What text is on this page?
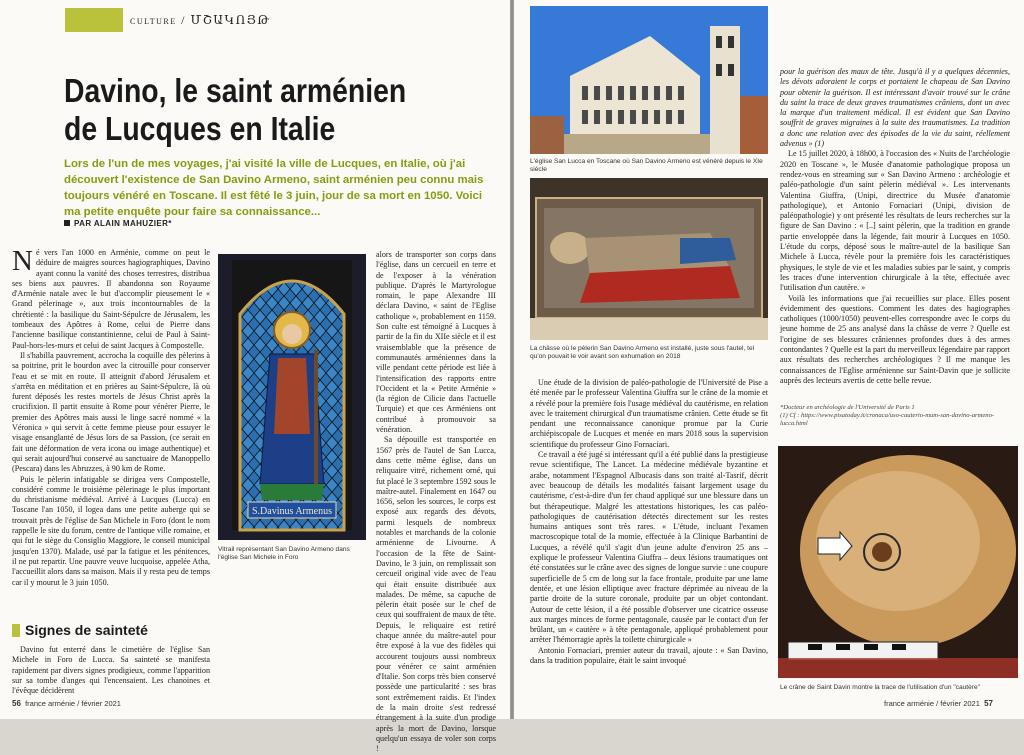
culture / ՄՇԱԿՈՅԹ
Davino, le saint arménien
de Lucques en Italie
Lors de l'un de mes voyages, j'ai visité la ville de Lucques, en Italie, où j'ai découvert l'existence de San Davino Armeno, saint arménien peu connu mais toujours vénéré en Toscane. Il est fêté le 3 juin, jour de sa mort en 1050. Voici ma petite enquête pour faire sa connaissance...
PAR ALAIN MAHUZIER*

Né vers l'an 1000 en Arménie, comme on peut le déduire de maigres sources hagiographiques, Davino ayant connu la vanité des choses terrestres, distribua ses biens aux pauvres. Il abandonna son Royaume d'Arménie natale avec le but d'accomplir pieusement le « Grand pèlerinage », aux trois incontournables de la chrétienté : la basilique du Saint-Sépulcre de Jérusalem, les tombeaux des Apôtres à Rome, celui de Pierre dans l'ancienne basilique constantinienne, celui de Paul à Saint-Paul-hors-les-murs et celui de saint Jacques à Compostelle.

Il s'habilla pauvrement, accrocha la coquille des pèlerins à sa poitrine, prit le bourdon avec la citrouille pour conserver l'eau et se mit en route. Il atteignit d'abord Jérusalem et s'arrêta en méditation et en prières au Saint-Sépulcre, là où furent déposés les restes mortels de Jésus Christ après la crucifixion. Il partit ensuite à Rome pour vénérer Pierre, le premier des Apôtres mais aussi le linge sacré nommé « la Véronica » qui servit à cette femme pieuse pour essuyer le visage ensanglanté de Jésus lors de sa Passion, (ce serait en fait une déformation de vera icona ou image authentique) et qui serait aujourd'hui conservé au sanctuaire de Manoppello (Pescara) dans les Abruzzes, à 90 km de Rome.

Puis le pèlerin infatigable se dirigea vers Compostelle, considéré comme le troisième pèlerinage le plus important du christianisme médiéval. Arrivé à Lucques (Lucca) en Toscane l'an 1050, il logea dans une petite auberge qui se trouvait près de l'église de San Michele in Foro (dont le nom rappelle le site du forum, centre de l'antique ville romaine, et qui fut le siège du Consiglio Maggiore, le conseil municipal jusqu'en 1370). Malade, usé par la fatigue et les pénitences, il ne put repartir. Une pauvre veuve lucquoise, appelée Atha, l'accueillit alors dans sa maison. Mais il y resta peu de temps car il y mourut le 3 juin 1050.

Signes de sainteté

Davino fut enterré dans le cimetière de l'église San Michele in Foro de Lucca. Sa sainteté se manifesta rapidement par divers signes prodigieux, comme l'apparition sur sa tombe d'anges qui l'encensaient. Les chanoines et l'évêque décidèrent

S.Davinus Armenus
Vitrail représentant San Davino Armeno dans l'église San Michele in Foro

alors de transporter son corps dans l'église, dans un cercueil en terre et de l'exposer à la vénération publique. D'après le Martyrologue romain, le pape Alexandre III déclara Davino, « saint de l'Eglise catholique », probablement en 1159. Son culte est témoigné à Lucques à partir de la fin du XIIe siècle et il est vraisemblable que la présence de communautés arméniennes dans la ville pendant cette période est liée à l'intensification des rapports entre l'Occident et la « Petite Arménie » (la région de Cilicie dans l'actuelle Turquie) et que ces Arméniens ont contribué à promouvoir sa vénération.

Sa dépouille est transportée en 1567 près de l'autel de San Lucca, dans cette même église, dans un reliquaire vitré, richement orné, qui fut placé le 3 septembre 1592 sous le maître-autel. Finalement en 1647 ou 1656, selon les sources, le corps est exposé aux regards des dévots, parmi lesquels de nombreux notables et marchands de la colonie arménienne de Livourne. A l'occasion de la fête de Saint-Davino, le 3 juin, on remplissait son cercueil original vide avec de l'eau qui était ensuite distribuée aux malades. De même, sa capuche de pèlerin était posée sur le chef de ceux qui souffraient de maux de tête. Depuis, le reliquaire est retiré chaque année du maître-autel pour être exposé à la vue des fidèles qui accourent toujours aussi nombreux pour vénérer ce saint arménien d'Italie. Son corps très bien conservé possède une particularité : ses bras sont extrêmement raidis. Et l'index de la main droite s'est redressé étrangement à la suite d'un prodige après la mort de Davino, lorsque quelqu'un essaya de voler son corps !

56 france arménie / février 2021
L'église San Lucca en Toscane où San Davino Armeno est vénéré depuis le XIe siècle
La châsse où le pèlerin San Davino Armeno est installé, juste sous l'autel, tel qu'on pouvait le voir avant son exhumation en 2018

pour la guérison des maux de tête. Jusqu'à il y a quelques décennies, les dévots adoraient le corps et portaient le chapeau de San Davino pour obtenir la guérison. Il est intéressant d'avoir trouvé sur le crâne du saint la trace de deux graves traumatismes crâniens, dont un avec la marque d'un traitement médical. Il est évident que San Davino souffrit de graves migraines à la suite des traumatismes. La tradition a donc une relation avec des épisodes de la vie du saint, réellement advenus » (1)

Le 15 juillet 2020, à 18h00, à l'occasion des « Nuits de l'archéologie 2020 en Toscane », le Musée d'anatomie pathologique proposa un rendez-vous en streaming sur « San Davino Armeno : archéologie et paléo-pathologie d'un saint pèlerin médiéval ». Les intervenants Valentina Giuffra, (Unipi, directrice du Musée d'anatomie pathologique), et Antonio Fornaciari (Unipi, division de paléopathologie) y ont présenté les résultats de leurs recherches sur la figure de San Davino : « [..] saint pèlerin, que la tradition en grande partie enveloppée dans la légende, fait mourir à Lucques en 1050. L'étude du corps, déposé sous le maître-autel de la basilique San Michele à Lucca, révèle pour la première fois les caractéristiques physiques, le style de vie et les maladies subies par le saint, y compris les traces d'une intervention chirurgicale à la tête, effectuée avec l'utilisation d'un cautère. »

Voilà les informations que j'ai recueillies sur place. Elles posent évidemment des questions. Comment les dates des hagiographes catholiques (1000/1050) peuvent-elles correspondre avec le corps du jeune homme de 25 ans analysé dans la châsse de verre ? Quelle est l'origine de ses blessures crâniennes profondes dues à des armes contondantes ? Quelle est la part du merveilleux légendaire par rapport aux résultats des recherches archéologiques ? Il me manque les connaissances de l'Eglise arménienne sur Saint-Davin que je sollicite auprès des lecteurs avertis de cette belle revue.

*Docteur en archéologie de l'Université de Paris 1
(1) Cf : https://www.pisatoday.it/cronaca/uso-cauterio-mum-san-davino-armeno-lucca.html

Une étude de la division de paléo-pathologie de l'Université de Pise a été menée par le professeur Valentina Giuffra sur le crâne de la momie et a révélé pour la première fois l'usage médiéval du cautérisme, en relation avec le traitement chirurgical d'un traumatisme crânien. Cette étude se fit pendant une reconnaissance canonique promue par la Curie archiépiscopale de Lucques et menée en mars 2018 sous la supervision scientifique du professeur Gino Fornaciari.

Ce travail a été jugé si intéressant qu'il a été publié dans la prestigieuse revue scientifique, The Lancet. La médecine médiévale byzantine et arabe, notamment l'Espagnol Albucasis dans son traité al-Tasrif, décrit avec beaucoup de détails les modalités faisant largement usage du cautérisme, c'est-à-dire d'un fer chaud appliqué sur une blessure dans un but thérapeutique. Malgré les attestations historiques, les cas paléo-pathologiques de cautérisation détectés directement sur les restes humains antiques sont très rares. « L'étude, incluant l'examen macroscopique total de la momie, effectuée à la Clinique Barbantini de Lucques, a révélé qu'il s'agit d'un jeune adulte d'environ 25 ans – explique le professeur Valentina Giuffra – deux lésions traumatiques ont été constatées sur le crâne avec des signes de longue survie : une coupure superficielle de 5 cm de long sur la face frontale, produite par une lame dentée, et une lésion elliptique avec fracture déprimée au niveau de la partie droite de la suture coronale, produite par un objet contondant. Autour de cette lésion, il a été possible d'observer une cicatrice osseuse aux marges minces de forme pentagonale, causée par le contact d'un fer brûlant, un « cautère » à tête pentagonale, appliqué probablement pour arrêter l'hémorragie après la toilette chirurgicale »

Antonio Fornaciari, premier auteur du travail, ajoute : « San Davino, dans la tradition populaire, était le saint invoqué

Le crâne de Saint Davin montre la trace de l'utilisation d'un "cautère"
france arménie / février 2021 57
